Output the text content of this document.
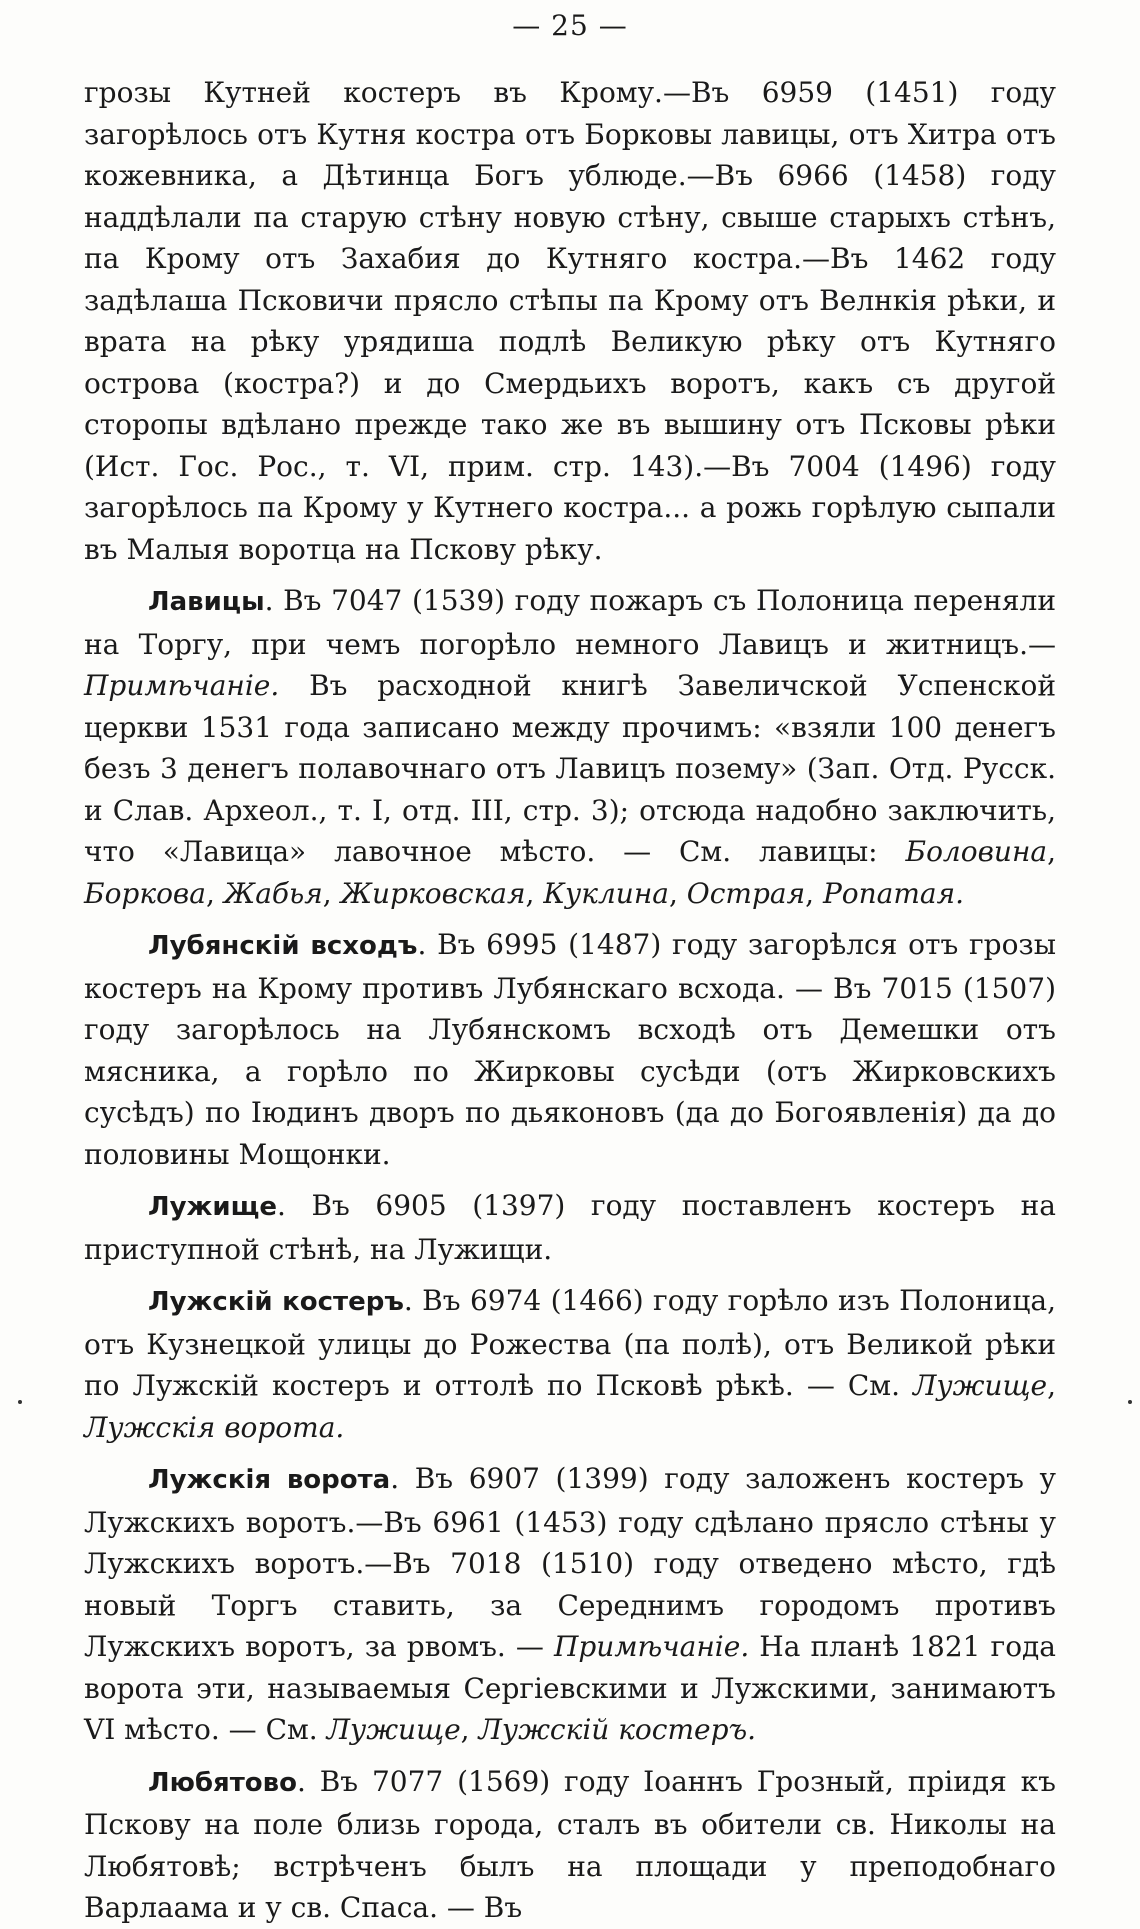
— 25 —

грозы Кутней костеръ въ Крому.—Въ 6959 (1451) году загорѣлось отъ Кутня костра отъ Борковы лавицы, отъ Хитра отъ кожевника, а Дѣтинца Богъ ублюде.—Въ 6966 (1458) году наддѣлали па старую стѣну новую стѣну, свыше старыхъ стѣнъ, па Крому отъ Захабия до Кутняго костра.—Въ 1462 году задѣлаша Псковичи прясло стѣпы па Крому отъ Велнкія рѣки, и врата на рѣку урядиша подлѣ Великую рѣку отъ Кутняго острова (костра?) и до Смердьихъ воротъ, какъ съ другой сторопы вдѣлано прежде тако же въ вышину отъ Псковы рѣки (Ист. Гос. Рос., т. VI, прим. стр. 143).—Въ 7004 (1496) году загорѣлось па Крому у Кутнего костра... а рожь горѣлую сыпали въ Малыя воротца на Пскову рѣку.

Лавицы. Въ 7047 (1539) году пожаръ съ Полоница переняли на Торгу, при чемъ погорѣло немного Лавицъ и житницъ.—Примѣчаніе. Въ расходной книгѣ Завеличской Успенской церкви 1531 года записано между прочимъ: «взяли 100 денегъ безъ 3 денегъ полавочнаго отъ Лавицъ поземy» (Зап. Отд. Русск. и Слав. Археол., т. I, отд. III, стр. 3); отсюда надобно заключить, что «Лавица» лавочное мѣсто. — См. лавицы: Боловина, Боркова, Жабья, Жирковская, Куклина, Острая, Ропатая.

Лубянскій всходъ. Въ 6995 (1487) году загорѣлся отъ грозы костеръ на Крому противъ Лубянскаго всхода. — Въ 7015 (1507) году загорѣлось на Лубянскомъ всходѣ отъ Демешки отъ мясника, а горѣло по Жирковы сусѣди (отъ Жирковскихъ сусѣдъ) по Іюдинъ дворъ по дьяконовъ (да до Богоявленія) да до половины Мощонки.

Лужище. Въ 6905 (1397) году поставленъ костеръ на приступной стѣнѣ, на Лужищи.

Лужскій костеръ. Въ 6974 (1466) году горѣло изъ Полоница, отъ Кузнецкой улицы до Рожества (па полѣ), отъ Великой рѣки по Лужскій костеръ и оттолѣ по Псковѣ рѣкѣ. — См. Лужище, Лужскія ворота.

Лужскія ворота. Въ 6907 (1399) году заложенъ костеръ у Лужскихъ воротъ.—Въ 6961 (1453) году сдѣлано прясло стѣны у Лужскихъ воротъ.—Въ 7018 (1510) году отведено мѣсто, гдѣ новый Торгъ ставить, за Середнимъ городомъ противъ Лужскихъ воротъ, за рвомъ. — Примѣчаніе. На планѣ 1821 года ворота эти, называемыя Сергіевскими и Лужскими, занимаютъ VI мѣсто. — См. Лужище, Лужскій костеръ.

Любятово. Въ 7077 (1569) году Іоаннъ Грозный, пріидя къ Пскову на поле близь города, сталъ въ обители св. Николы на Любятовѣ; встрѣченъ былъ на площади у преподобнаго Варлаама и у св. Спаса. — Въ
